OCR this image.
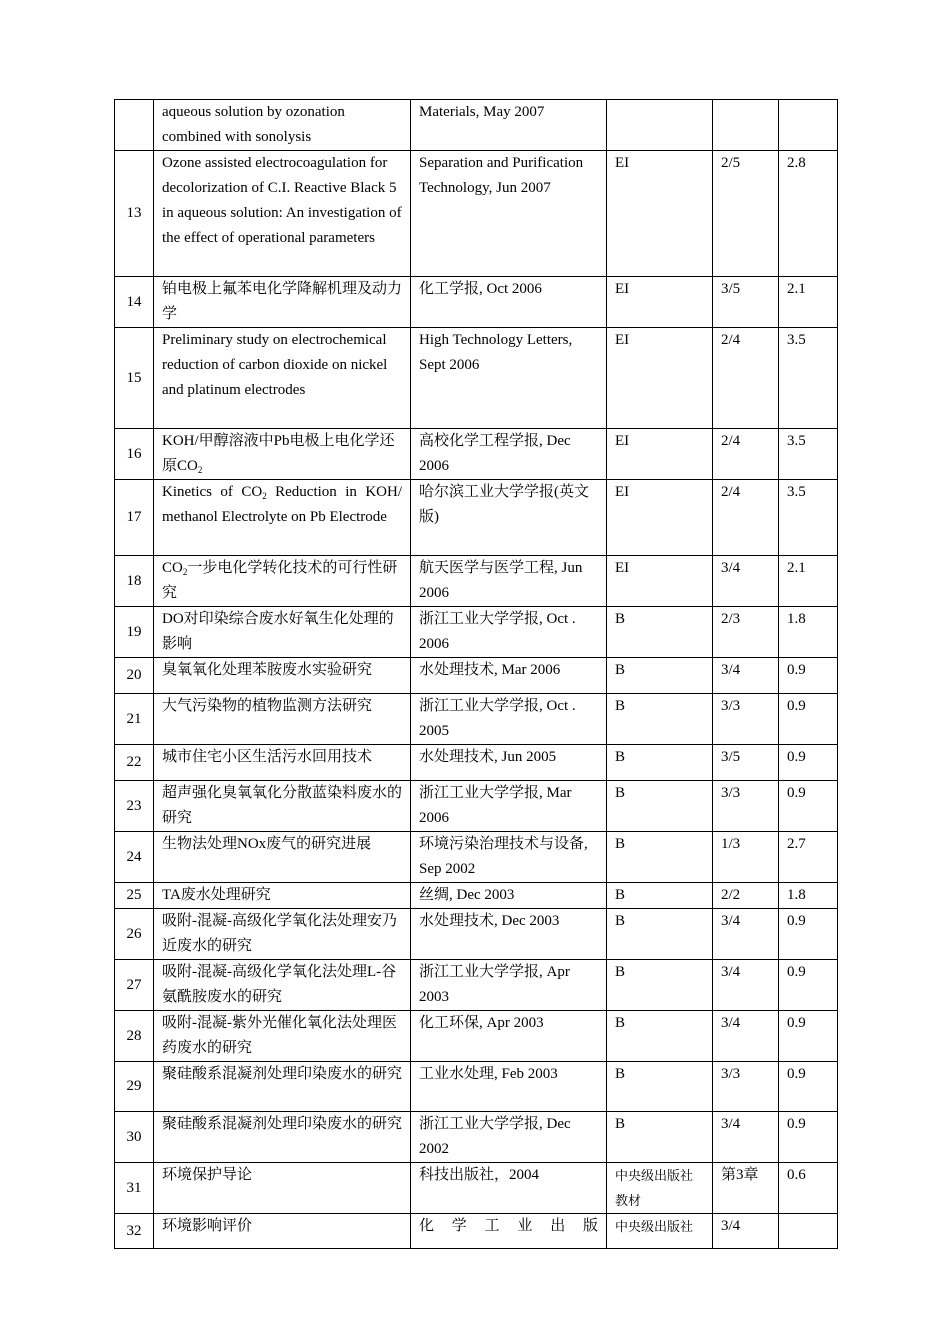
	aqueous solution by ozonation combined with sonolysis	Materials, May 2007			
13	Ozone assisted electrocoagulation for decolorization of C.I. Reactive Black 5 in aqueous solution: An investigation of the effect of operational parameters	Separation and Purification Technology, Jun 2007	EI	2/5	2.8
14	铂电极上氟苯电化学降解机理及动力学	化工学报, Oct 2006	EI	3/5	2.1
15	Preliminary study on electrochemical reduction of carbon dioxide on nickel and platinum electrodes	High Technology Letters, Sept 2006	EI	2/4	3.5
16	KOH/甲醇溶液中Pb电极上电化学还原$CO_2$	高校化学工程学报, Dec 2006	EI	2/4	3.5
17	Kinetics of $CO_2$ Reduction in KOH/ methanol Electrolyte on Pb Electrode	哈尔滨工业大学学报(英文版)	EI	2/4	3.5
18	$CO_2$一步电化学转化技术的可行性研究	航天医学与医学工程, Jun 2006	EI	3/4	2.1
19	DO对印染综合废水好氧生化处理的影响	浙江工业大学学报, Oct . 2006	B	2/3	1.8
20	臭氧氧化处理苯胺废水实验研究	水处理技术, Mar 2006	B	3/4	0.9
21	大气污染物的植物监测方法研究	浙江工业大学学报, Oct . 2005	B	3/3	0.9
22	城市住宅小区生活污水回用技术	水处理技术, Jun 2005	B	3/5	0.9
23	超声强化臭氧氧化分散蓝染料废水的研究	浙江工业大学学报, Mar 2006	B	3/3	0.9
24	生物法处理NOx废气的研究进展	环境污染治理技术与设备, Sep 2002	B	1/3	2.7
25	TA废水处理研究	丝绸, Dec 2003	B	2/2	1.8
26	吸附-混凝-高级化学氧化法处理安乃近废水的研究	水处理技术, Dec 2003	B	3/4	0.9
27	吸附-混凝-高级化学氧化法处理L-谷氨酰胺废水的研究	浙江工业大学学报, Apr 2003	B	3/4	0.9
28	吸附-混凝-紫外光催化氧化法处理医药废水的研究	化工环保, Apr 2003	B	3/4	0.9
29	聚硅酸系混凝剂处理印染废水的研究	工业水处理, Feb 2003	B	3/3	0.9
30	聚硅酸系混凝剂处理印染废水的研究	浙江工业大学学报, Dec 2002	B	3/4	0.9
31	环境保护导论	科技出版社，2004	中央级出版社教材	第3章	0.6
32	环境影响评价	化学工业出版	中央级出版社	3/4	
